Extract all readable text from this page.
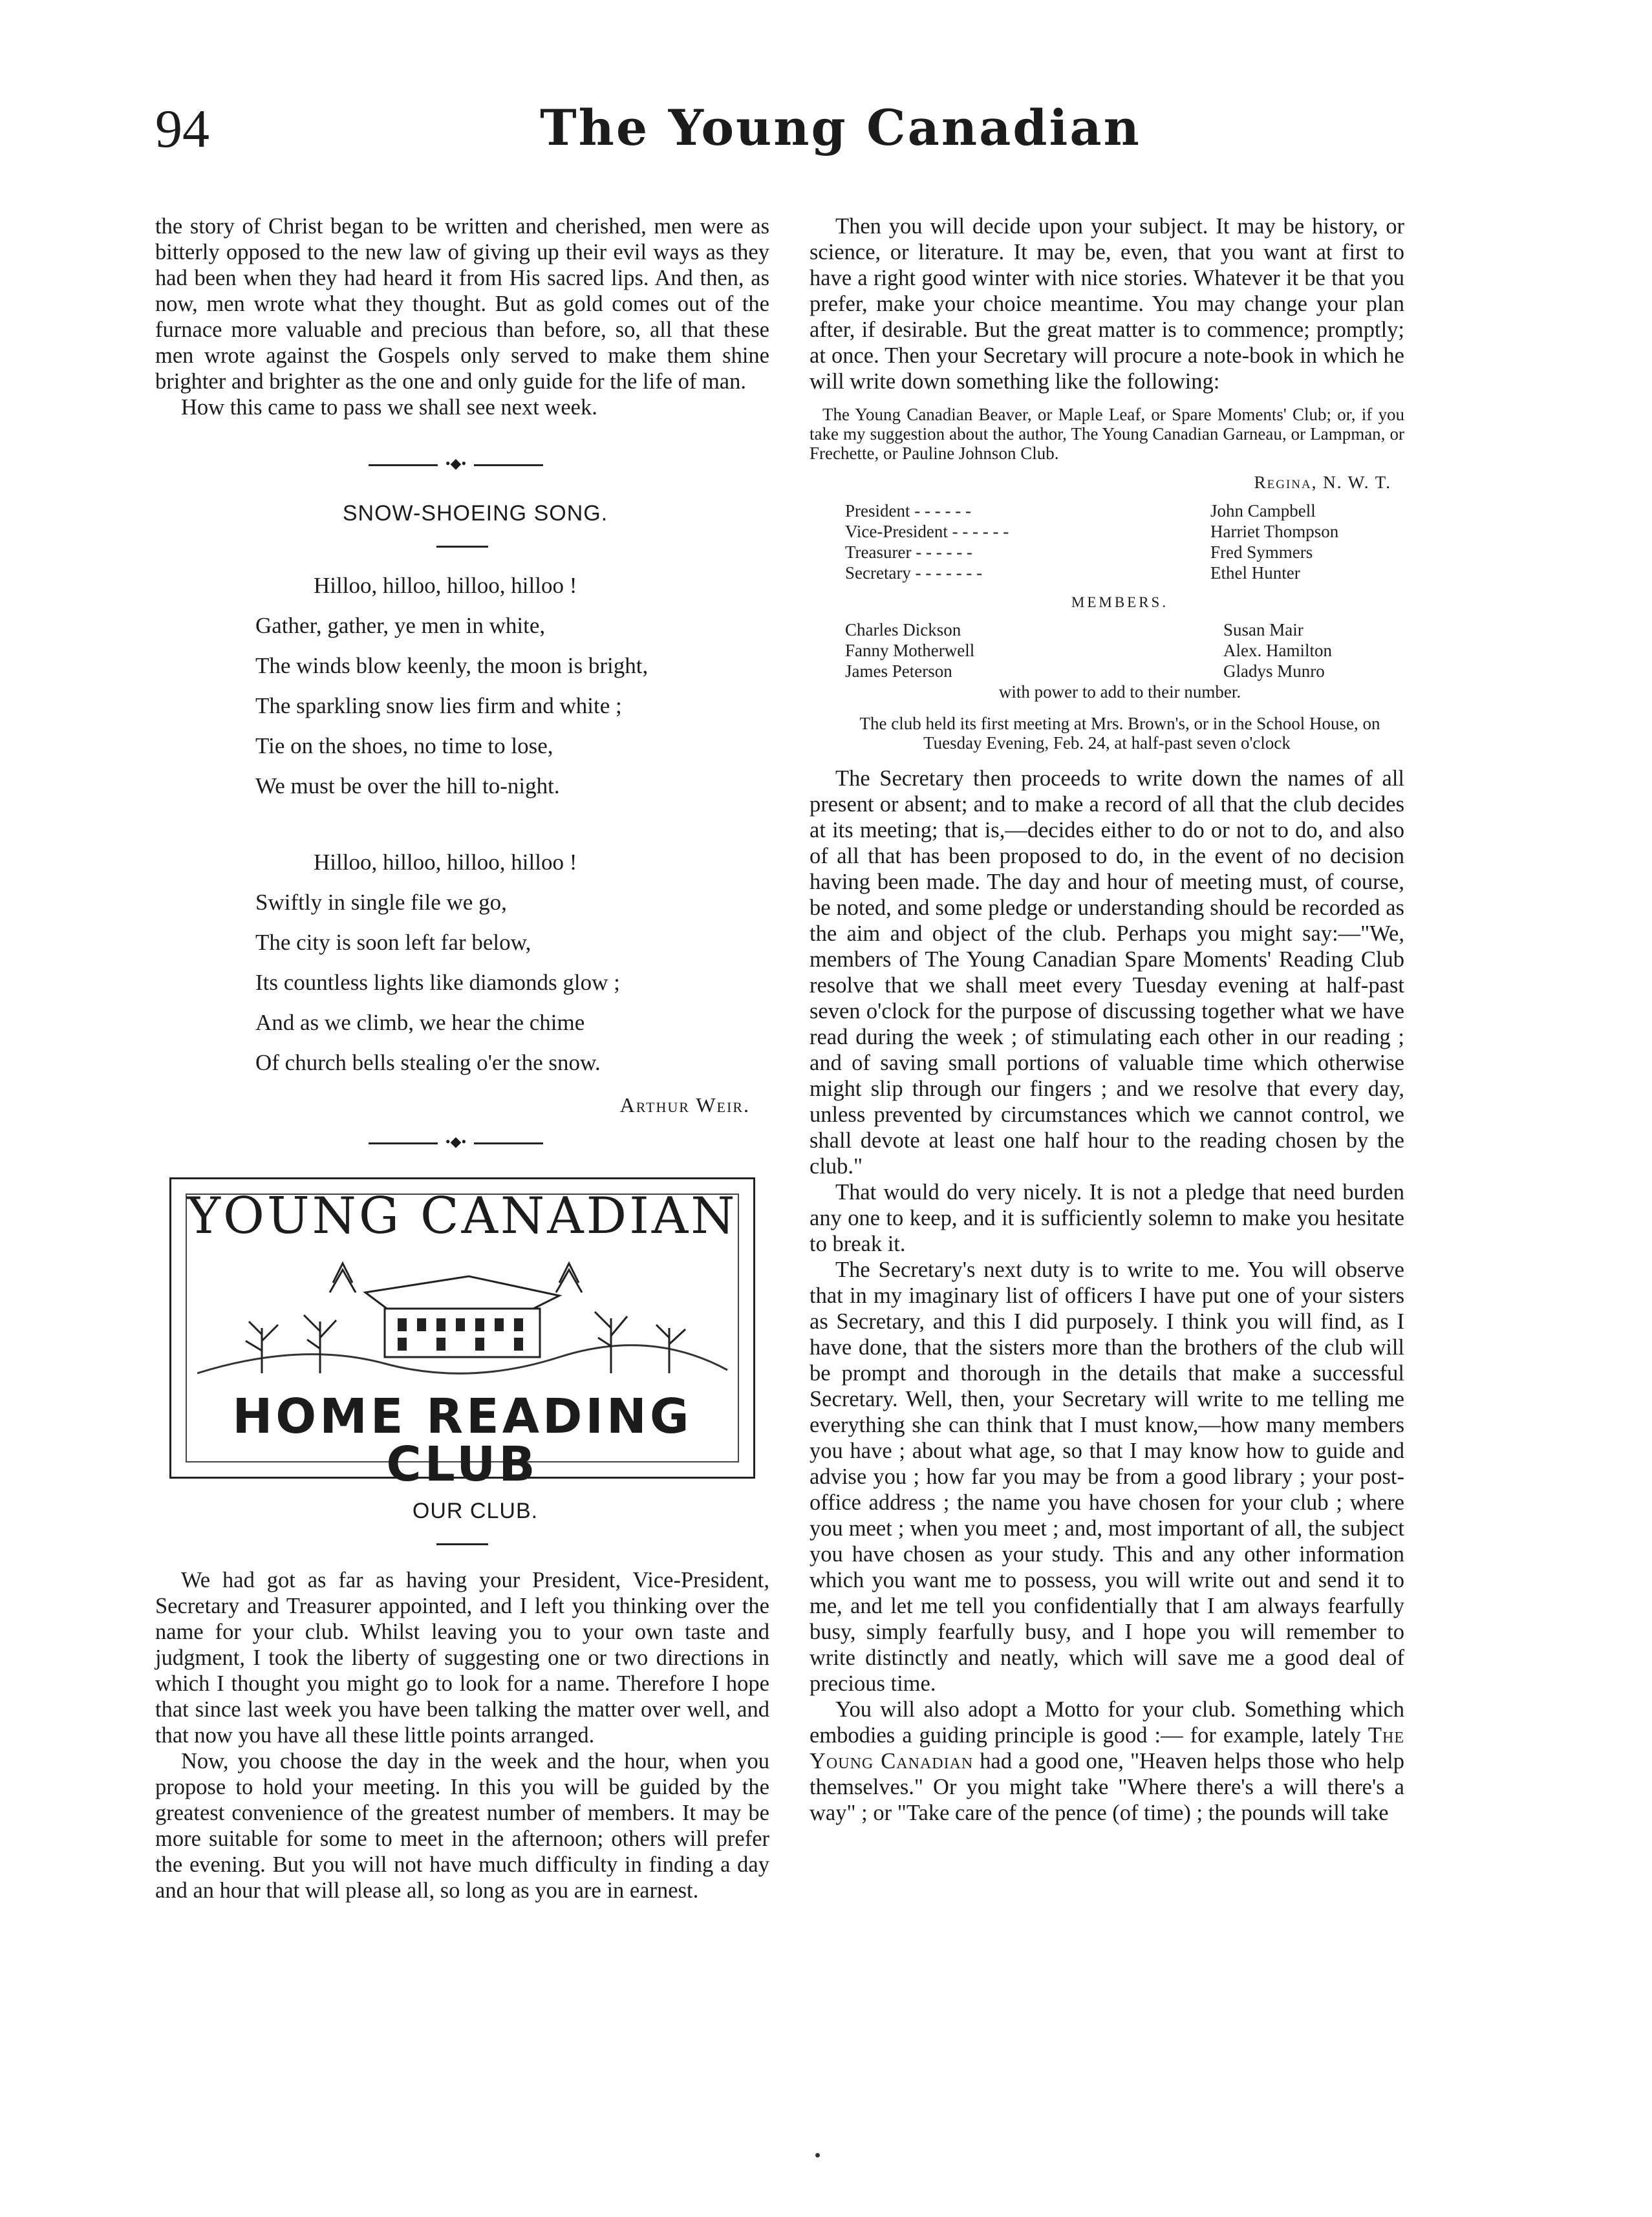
94	The Young Canadian

the story of Christ began to be written and cherished, men were as bitterly opposed to the new law of giving up their evil ways as they had been when they had heard it from His sacred lips. And then, as now, men wrote what they thought. But as gold comes out of the furnace more valuable and precious than before, so, all that these men wrote against the Gospels only served to make them shine brighter and brighter as the one and only guide for the life of man.

How this came to pass we shall see next week.

•◆•

SNOW-SHOEING SONG.

Hilloo, hilloo, hilloo, hilloo !

Gather, gather, ye men in white,

The winds blow keenly, the moon is bright,

The sparkling snow lies firm and white ;

Tie on the shoes, no time to lose,

We must be over the hill to-night.

Hilloo, hilloo, hilloo, hilloo !

Swiftly in single file we go,

The city is soon left far below,

Its countless lights like diamonds glow ;

And as we climb, we hear the chime

Of church bells stealing o'er the snow.

Arthur Weir.

•◆•
YOUNG CANADIAN
HOME READING CLUB

OUR CLUB.

We had got as far as having your President, Vice-President, Secretary and Treasurer appointed, and I left you thinking over the name for your club. Whilst leaving you to your own taste and judgment, I took the liberty of suggesting one or two directions in which I thought you might go to look for a name. Therefore I hope that since last week you have been talking the matter over well, and that now you have all these little points arranged.

Now, you choose the day in the week and the hour, when you propose to hold your meeting. In this you will be guided by the greatest convenience of the greatest number of members. It may be more suitable for some to meet in the afternoon; others will prefer the evening. But you will not have much difficulty in finding a day and an hour that will please all, so long as you are in earnest.

Then you will decide upon your subject. It may be history, or science, or literature. It may be, even, that you want at first to have a right good winter with nice stories. Whatever it be that you prefer, make your choice meantime. You may change your plan after, if desirable. But the great matter is to commence; promptly; at once. Then your Secretary will procure a note-book in which he will write down something like the following:

The Young Canadian Beaver, or Maple Leaf, or Spare Moments' Club; or, if you take my suggestion about the author, The Young Canadian Garneau, or Lampman, or Frechette, or Pauline Johnson Club.

Regina, N. W. T.

President - - - - - -	John Campbell
Vice-President - - - - - -	Harriet Thompson
Treasurer - - - - - -	Fred Symmers
Secretary - - - - - - -	Ethel Hunter

MEMBERS.

Charles Dickson	Susan Mair
Fanny Motherwell	Alex. Hamilton
James Peterson	Gladys Munro

with power to add to their number.

The club held its first meeting at Mrs. Brown's, or in the School House, on Tuesday Evening, Feb. 24, at half-past seven o'clock

The Secretary then proceeds to write down the names of all present or absent; and to make a record of all that the club decides at its meeting; that is,—decides either to do or not to do, and also of all that has been proposed to do, in the event of no decision having been made. The day and hour of meeting must, of course, be noted, and some pledge or understanding should be recorded as the aim and object of the club. Perhaps you might say:—"We, members of The Young Canadian Spare Moments' Reading Club resolve that we shall meet every Tuesday evening at half-past seven o'clock for the purpose of discussing together what we have read during the week ; of stimulating each other in our reading ; and of saving small portions of valuable time which otherwise might slip through our fingers ; and we resolve that every day, unless prevented by circumstances which we cannot control, we shall devote at least one half hour to the reading chosen by the club."

That would do very nicely. It is not a pledge that need burden any one to keep, and it is sufficiently solemn to make you hesitate to break it.

The Secretary's next duty is to write to me. You will observe that in my imaginary list of officers I have put one of your sisters as Secretary, and this I did purposely. I think you will find, as I have done, that the sisters more than the brothers of the club will be prompt and thorough in the details that make a successful Secretary. Well, then, your Secretary will write to me telling me everything she can think that I must know,—how many members you have ; about what age, so that I may know how to guide and advise you ; how far you may be from a good library ; your post-office address ; the name you have chosen for your club ; where you meet ; when you meet ; and, most important of all, the subject you have chosen as your study. This and any other information which you want me to possess, you will write out and send it to me, and let me tell you confidentially that I am always fearfully busy, simply fearfully busy, and I hope you will remember to write distinctly and neatly, which will save me a good deal of precious time.

You will also adopt a Motto for your club. Something which embodies a guiding principle is good :— for example, lately The Young Canadian had a good one, "Heaven helps those who help themselves." Or you might take "Where there's a will there's a way" ; or "Take care of the pence (of time) ; the pounds will take
